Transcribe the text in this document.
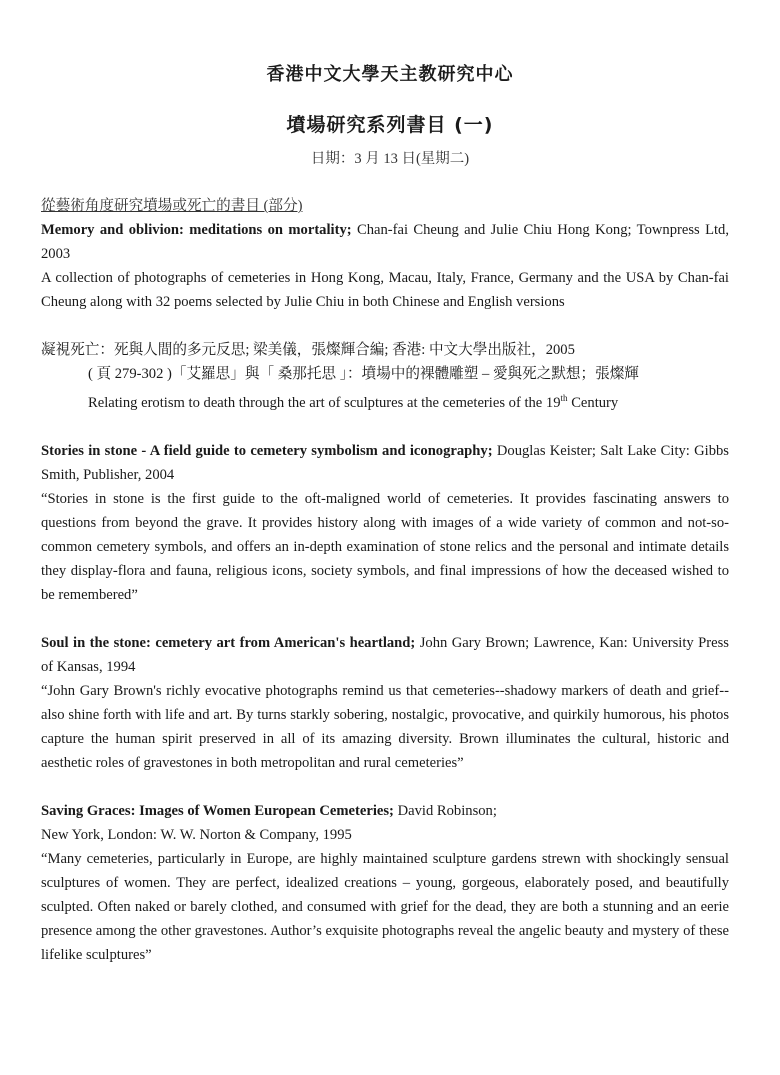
香港中文大學天主教研究中心
墳場研究系列書目 (一)
日期：3 月 13 日(星期二)
從藝術角度研究墳場或死亡的書目 (部分)
Memory and oblivion: meditations on mortality; Chan-fai Cheung and Julie Chiu Hong Kong; Townpress Ltd, 2003
A collection of photographs of cemeteries in Hong Kong, Macau, Italy, France, Germany and the USA by Chan-fai Cheung along with 32 poems selected by Julie Chiu in both Chinese and English versions
凝視死亡：死與人間的多元反思; 梁美儀，張燦輝合編; 香港: 中文大學出版社，2005
( 頁 279-302 )「艾羅思」與「 桑那托思 」：墳場中的裸體雕塑 – 愛與死之默想；張燦輝
Relating erotism to death through the art of sculptures at the cemeteries of the 19th Century
Stories in stone - A field guide to cemetery symbolism and iconography; Douglas Keister; Salt Lake City: Gibbs Smith, Publisher, 2004
“Stories in stone is the first guide to the oft-maligned world of cemeteries. It provides fascinating answers to questions from beyond the grave. It provides history along with images of a wide variety of common and not-so-common cemetery symbols, and offers an in-depth examination of stone relics and the personal and intimate details they display-flora and fauna, religious icons, society symbols, and final impressions of how the deceased wished to be remembered”
Soul in the stone: cemetery art from American's heartland; John Gary Brown; Lawrence, Kan: University Press of Kansas, 1994
“John Gary Brown's richly evocative photographs remind us that cemeteries--shadowy markers of death and grief--also shine forth with life and art. By turns starkly sobering, nostalgic, provocative, and quirkily humorous, his photos capture the human spirit preserved in all of its amazing diversity. Brown illuminates the cultural, historic and aesthetic roles of gravestones in both metropolitan and rural cemeteries”
Saving Graces: Images of Women European Cemeteries; David Robinson;
New York, London: W. W. Norton & Company, 1995
“Many cemeteries, particularly in Europe, are highly maintained sculpture gardens strewn with shockingly sensual sculptures of women. They are perfect, idealized creations – young, gorgeous, elaborately posed, and beautifully sculpted. Often naked or barely clothed, and consumed with grief for the dead, they are both a stunning and an eerie presence among the other gravestones. Author’s exquisite photographs reveal the angelic beauty and mystery of these lifelike sculptures”
